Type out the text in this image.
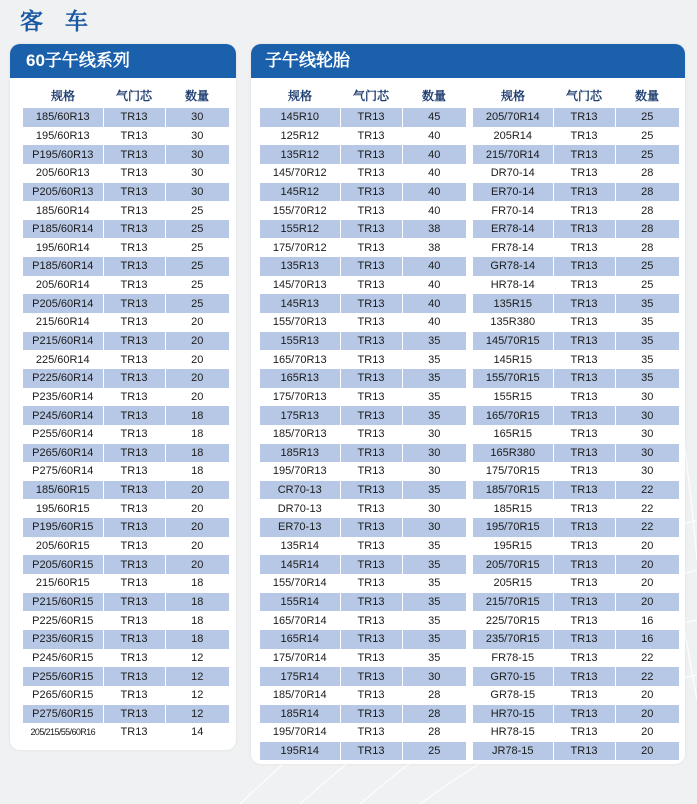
客车
60子午线系列
规格	气门芯	数量
185/60R13	TR13	30
195/60R13	TR13	30
P195/60R13	TR13	30
205/60R13	TR13	30
P205/60R13	TR13	30
185/60R14	TR13	25
P185/60R14	TR13	25
195/60R14	TR13	25
P185/60R14	TR13	25
205/60R14	TR13	25
P205/60R14	TR13	25
215/60R14	TR13	20
P215/60R14	TR13	20
225/60R14	TR13	20
P225/60R14	TR13	20
P235/60R14	TR13	20
P245/60R14	TR13	18
P255/60R14	TR13	18
P265/60R14	TR13	18
P275/60R14	TR13	18
185/60R15	TR13	20
195/60R15	TR13	20
P195/60R15	TR13	20
205/60R15	TR13	20
P205/60R15	TR13	20
215/60R15	TR13	18
P215/60R15	TR13	18
P225/60R15	TR13	18
P235/60R15	TR13	18
P245/60R15	TR13	12
P255/60R15	TR13	12
P265/60R15	TR13	12
P275/60R15	TR13	12
205/215/55/60R16	TR13	14
子午线轮胎
规格	气门芯	数量
145R10	TR13	45
125R12	TR13	40
135R12	TR13	40
145/70R12	TR13	40
145R12	TR13	40
155/70R12	TR13	40
155R12	TR13	38
175/70R12	TR13	38
135R13	TR13	40
145/70R13	TR13	40
145R13	TR13	40
155/70R13	TR13	40
155R13	TR13	35
165/70R13	TR13	35
165R13	TR13	35
175/70R13	TR13	35
175R13	TR13	35
185/70R13	TR13	30
185R13	TR13	30
195/70R13	TR13	30
CR70-13	TR13	35
DR70-13	TR13	30
ER70-13	TR13	30
135R14	TR13	35
145R14	TR13	35
155/70R14	TR13	35
155R14	TR13	35
165/70R14	TR13	35
165R14	TR13	35
175/70R14	TR13	35
175R14	TR13	30
185/70R14	TR13	28
185R14	TR13	28
195/70R14	TR13	28
195R14	TR13	25
规格	气门芯	数量
205/70R14	TR13	25
205R14	TR13	25
215/70R14	TR13	25
DR70-14	TR13	28
ER70-14	TR13	28
FR70-14	TR13	28
ER78-14	TR13	28
FR78-14	TR13	28
GR78-14	TR13	25
HR78-14	TR13	25
135R15	TR13	35
135R380	TR13	35
145/70R15	TR13	35
145R15	TR13	35
155/70R15	TR13	35
155R15	TR13	30
165/70R15	TR13	30
165R15	TR13	30
165R380	TR13	30
175/70R15	TR13	30
185/70R15	TR13	22
185R15	TR13	22
195/70R15	TR13	22
195R15	TR13	20
205/70R15	TR13	20
205R15	TR13	20
215/70R15	TR13	20
225/70R15	TR13	16
235/70R15	TR13	16
FR78-15	TR13	22
GR70-15	TR13	22
GR78-15	TR13	20
HR70-15	TR13	20
HR78-15	TR13	20
JR78-15	TR13	20
